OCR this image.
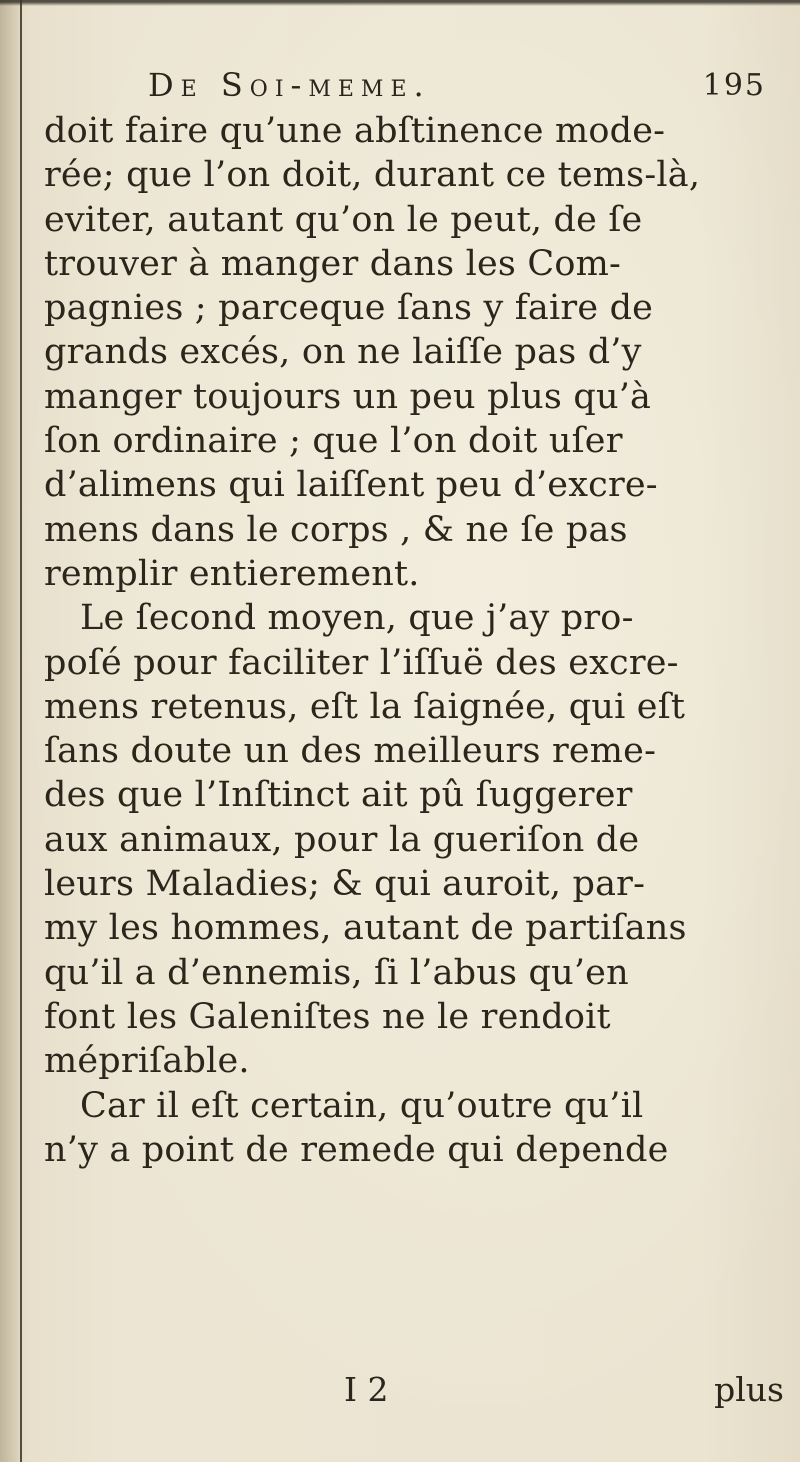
De Soi-meme.	195
doit faire qu’une abſtinence mode-
rée; que l’on doit, durant ce tems-là,
eviter, autant qu’on le peut, de ſe
trouver à manger dans les Com-
pagnies ; parceque ſans y faire de
grands excés, on ne laiſſe pas d’y
manger toujours un peu plus qu’à
ſon ordinaire ; que l’on doit uſer
d’alimens qui laiſſent peu d’excre-
mens dans le corps , & ne ſe pas
remplir entierement.
Le ſecond moyen, que j’ay pro-
poſé pour faciliter l’iſſuë des excre-
mens retenus, eſt la ſaignée, qui eſt
ſans doute un des meilleurs reme-
des que l’Inſtinct ait pû ſuggerer
aux animaux, pour la gueriſon de
leurs Maladies; & qui auroit, par-
my les hommes, autant de partiſans
qu’il a d’ennemis, ſi l’abus qu’en
font les Galeniſtes ne le rendoit
mépriſable.
Car il eſt certain, qu’outre qu’il
n’y a point de remede qui depende
I 2	plus
